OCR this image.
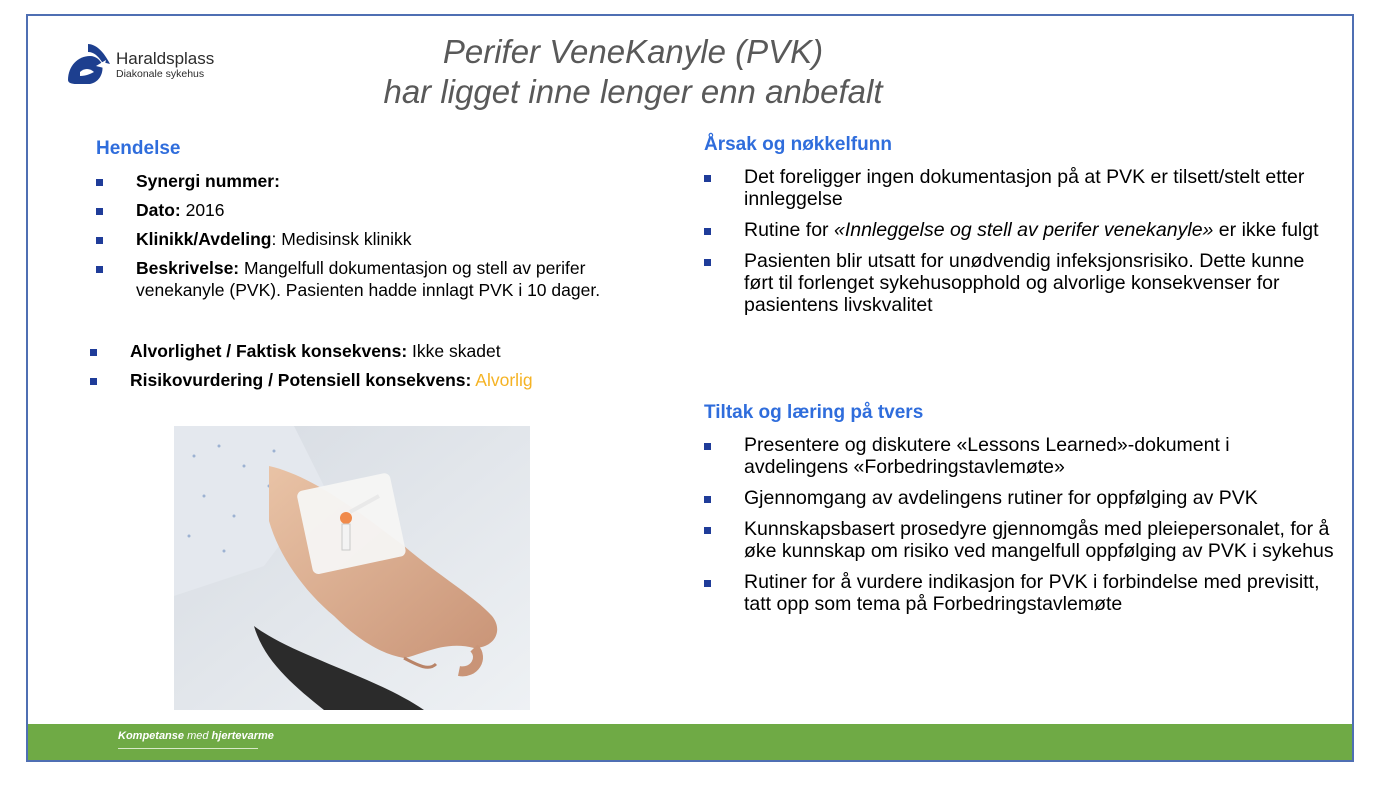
Haraldsplass
Diakonale sykehus
Perifer VeneKanyle (PVK)
har ligget inne lenger enn anbefalt
Hendelse
Synergi nummer:
Dato: 2016
Klinikk/Avdeling: Medisinsk klinikk
Beskrivelse: Mangelfull dokumentasjon og stell av perifer venekanyle (PVK). Pasienten hadde innlagt PVK i 10 dager.
Alvorlighet / Faktisk konsekvens: Ikke skadet
Risikovurdering / Potensiell konsekvens: Alvorlig
Årsak og nøkkelfunn
Det foreligger ingen dokumentasjon på at PVK er tilsett/stelt etter innleggelse
Rutine for «Innleggelse og stell av perifer venekanyle» er ikke fulgt
Pasienten blir utsatt for unødvendig infeksjonsrisiko. Dette kunne ført til forlenget sykehusopphold og alvorlige konsekvenser for pasientens livskvalitet
Tiltak og læring på tvers
Presentere og diskutere «Lessons Learned»-dokument i avdelingens «Forbedringstavlemøte»
Gjennomgang av avdelingens rutiner for oppfølging av PVK
Kunnskapsbasert prosedyre gjennomgås med pleiepersonalet, for å øke kunnskap om risiko ved mangelfull oppfølging av PVK i sykehus
Rutiner for å vurdere indikasjon for PVK i forbindelse med previsitt, tatt opp som tema på Forbedringstavlemøte
Kompetanse med hjertevarme
